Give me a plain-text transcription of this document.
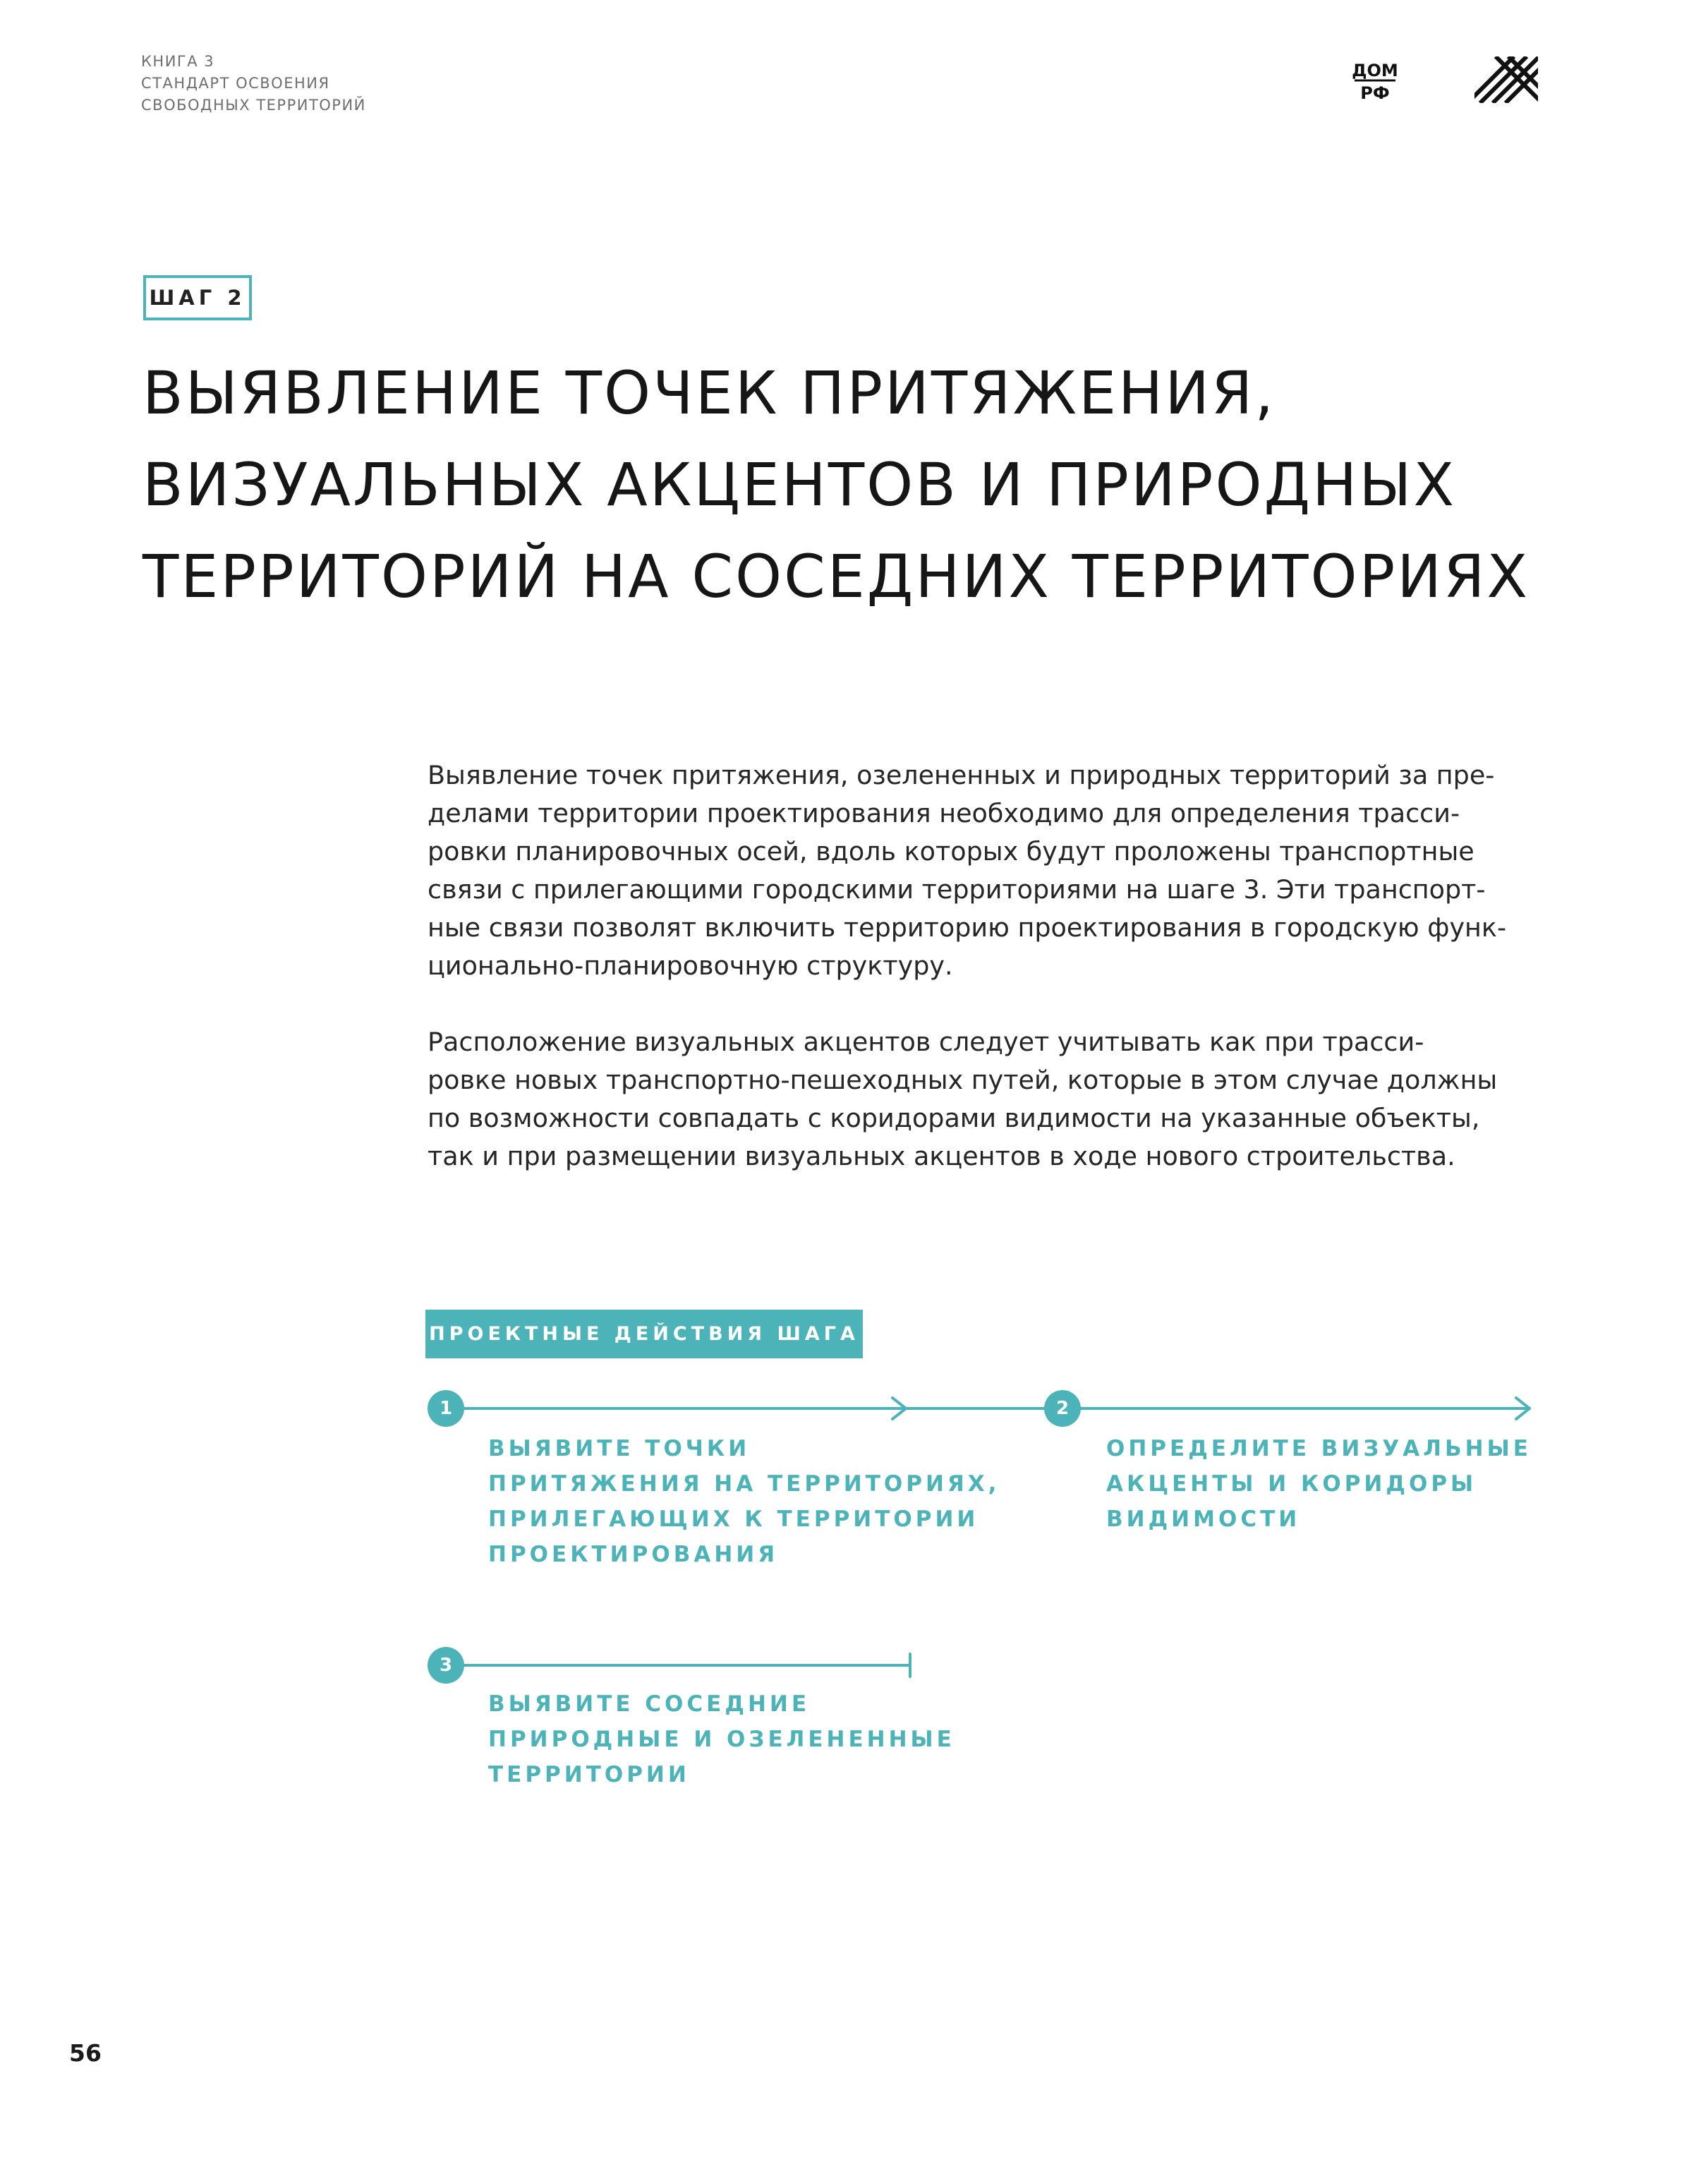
КНИГА 3
СТАНДАРТ ОСВОЕНИЯ
СВОБОДНЫХ ТЕРРИТОРИЙ
ДОМ
РФ
ШАГ 2
ВЫЯВЛЕНИЕ ТОЧЕК ПРИТЯЖЕНИЯ,
ВИЗУАЛЬНЫХ АКЦЕНТОВ И ПРИРОДНЫХ
ТЕРРИТОРИЙ НА СОСЕДНИХ ТЕРРИТОРИЯХ
Выявление точек притяжения, озелененных и природных территорий за пре-
делами территории проектирования необходимо для определения трасси-
ровки планировочных осей, вдоль которых будут проложены транспортные
связи с прилегающими городскими территориями на шаге 3. Эти транспорт-
ные связи позволят включить территорию проектирования в городскую функ-
ционально-планировочную структуру.
Расположение визуальных акцентов следует учитывать как при трасси-
ровке новых транспортно-пешеходных путей, которые в этом случае должны
по возможности совпадать с коридорами видимости на указанные объекты,
так и при размещении визуальных акцентов в ходе нового строительства.
ПРОЕКТНЫЕ ДЕЙСТВИЯ ШАГА
1	2
3
ВЫЯВИТЕ ТОЧКИ
ПРИТЯЖЕНИЯ НА ТЕРРИТОРИЯХ,
ПРИЛЕГАЮЩИХ К ТЕРРИТОРИИ
ПРОЕКТИРОВАНИЯ
ОПРЕДЕЛИТЕ ВИЗУАЛЬНЫЕ
АКЦЕНТЫ И КОРИДОРЫ
ВИДИМОСТИ
ВЫЯВИТЕ СОСЕДНИЕ
ПРИРОДНЫЕ И ОЗЕЛЕНЕННЫЕ
ТЕРРИТОРИИ
56
